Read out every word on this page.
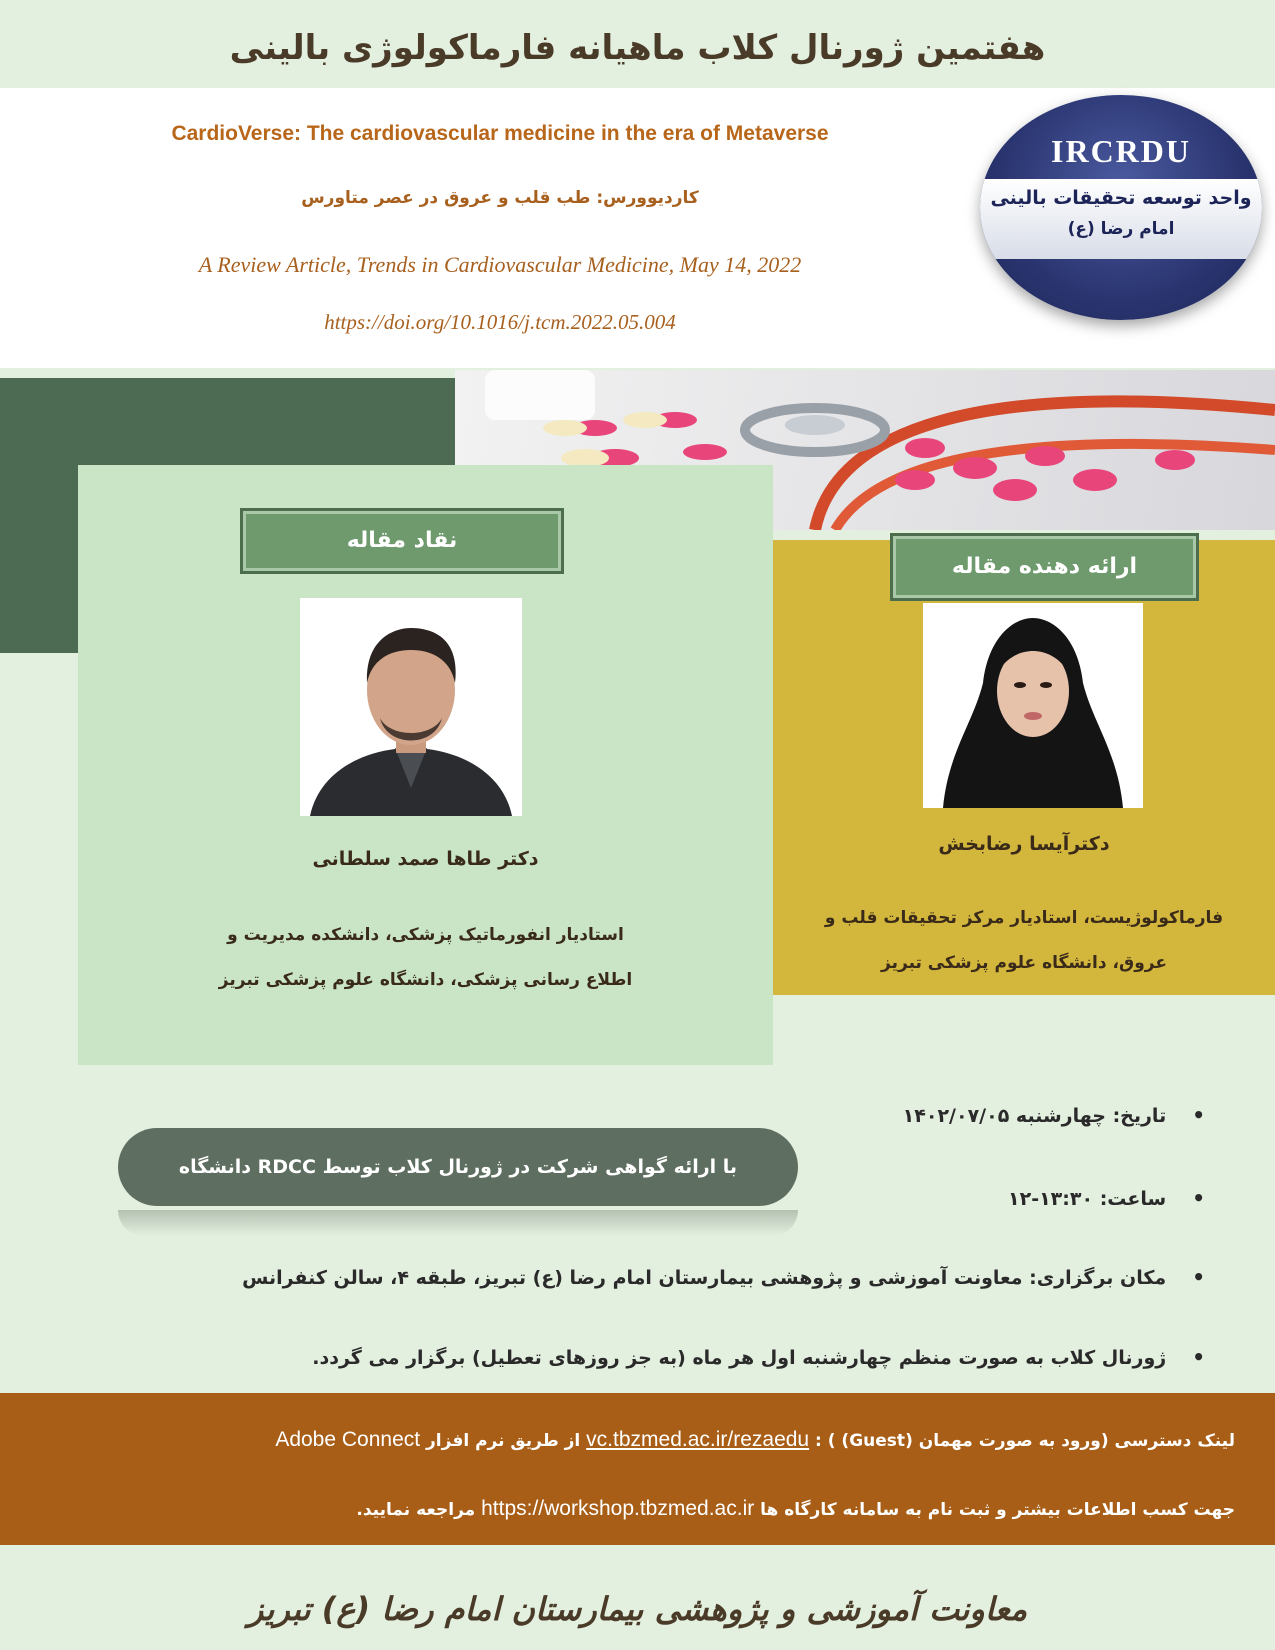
هفتمین ژورنال کلاب ماهیانه فارماکولوژی بالینی
CardioVerse: The cardiovascular medicine in the era of Metaverse
کاردیوورس: طب قلب و عروق در عصر متاورس
A Review Article, Trends in Cardiovascular Medicine, May 14, 2022
https://doi.org/10.1016/j.tcm.2022.05.004
IRCRDU
واحد توسعه تحقیقات بالینی
امام رضا (ع)
نقاد مقاله
ارائه دهنده مقاله
دکتر طاها صمد سلطانی
دکترآیسا رضابخش
استادیار انفورماتیک پزشکی، دانشکده مدیریت و
اطلاع رسانی پزشکی، دانشگاه علوم پزشکی تبریز
فارماکولوژیست، استادیار مرکز تحقیقات قلب و
عروق، دانشگاه علوم پزشکی تبریز
با ارائه گواهی شرکت در ژورنال کلاب توسط RDCC دانشگاه
• تاریخ: چهارشنبه ۱۴۰۲/۰۷/۰۵
• ساعت: ۱۳:۳۰-۱۲
• مکان برگزاری: معاونت آموزشی و پژوهشی بیمارستان امام رضا (ع) تبریز، طبقه ۴، سالن کنفرانس
• ژورنال کلاب به صورت منظم چهارشنبه اول هر ماه (به جز روزهای تعطیل) برگزار می گردد.
لینک دسترسی (ورود به صورت مهمان (Guest) ) : vc.tbzmed.ac.ir/rezaedu از طریق نرم افزار Adobe Connect
جهت کسب اطلاعات بیشتر و ثبت نام به سامانه کارگاه ها https://workshop.tbzmed.ac.ir مراجعه نمایید.
معاونت آموزشی و پژوهشی بیمارستان امام رضا (ع) تبریز
